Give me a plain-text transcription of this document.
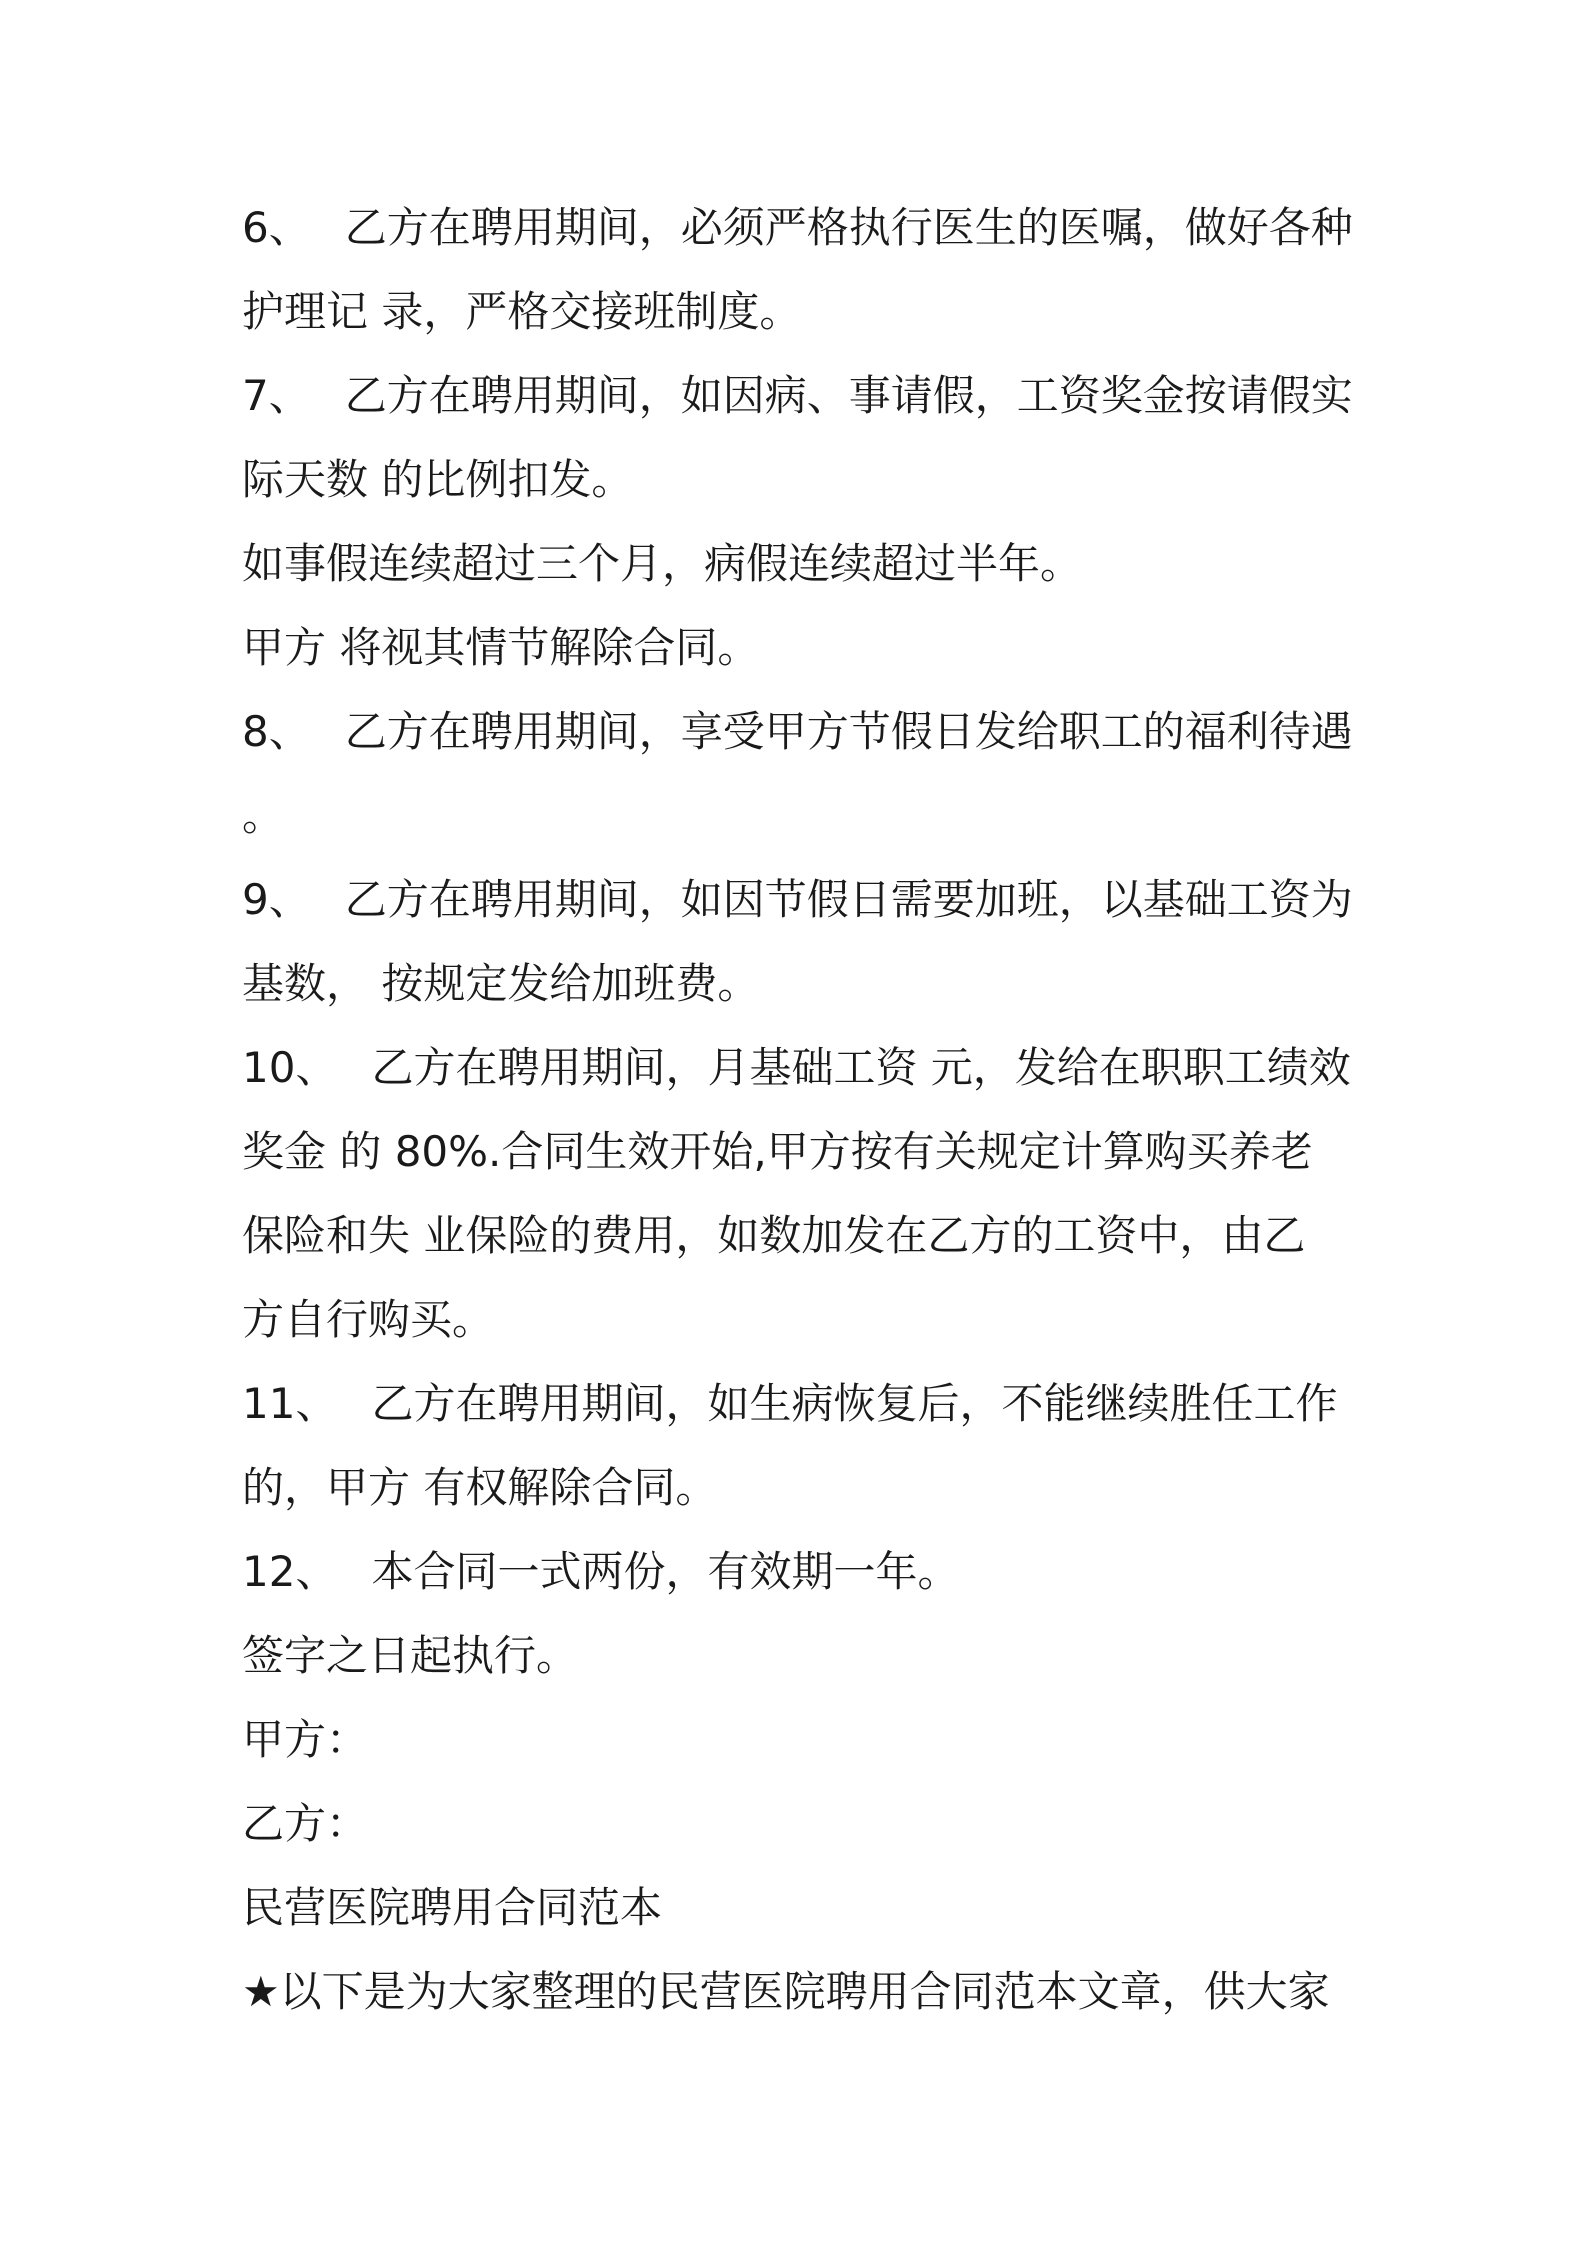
6、 乙方在聘用期间，必须严格执行医生的医嘱，做好各种
护理记 录，严格交接班制度。
7、 乙方在聘用期间，如因病、事请假，工资奖金按请假实
际天数 的比例扣发。
如事假连续超过三个月，病假连续超过半年。
甲方 将视其情节解除合同。
8、 乙方在聘用期间，享受甲方节假日发给职工的福利待遇
。
9、 乙方在聘用期间，如因节假日需要加班，以基础工资为
基数， 按规定发给加班费。
10、 乙方在聘用期间，月基础工资 元，发给在职职工绩效
奖金 的 80%.合同生效开始,甲方按有关规定计算购买养老
保险和失 业保险的费用，如数加发在乙方的工资中，由乙
方自行购买。
11、 乙方在聘用期间，如生病恢复后，不能继续胜任工作
的，甲方 有权解除合同。
12、 本合同一式两份，有效期一年。
签字之日起执行。
甲方：
乙方：
民营医院聘用合同范本
★以下是为大家整理的民营医院聘用合同范本文章，供大家
